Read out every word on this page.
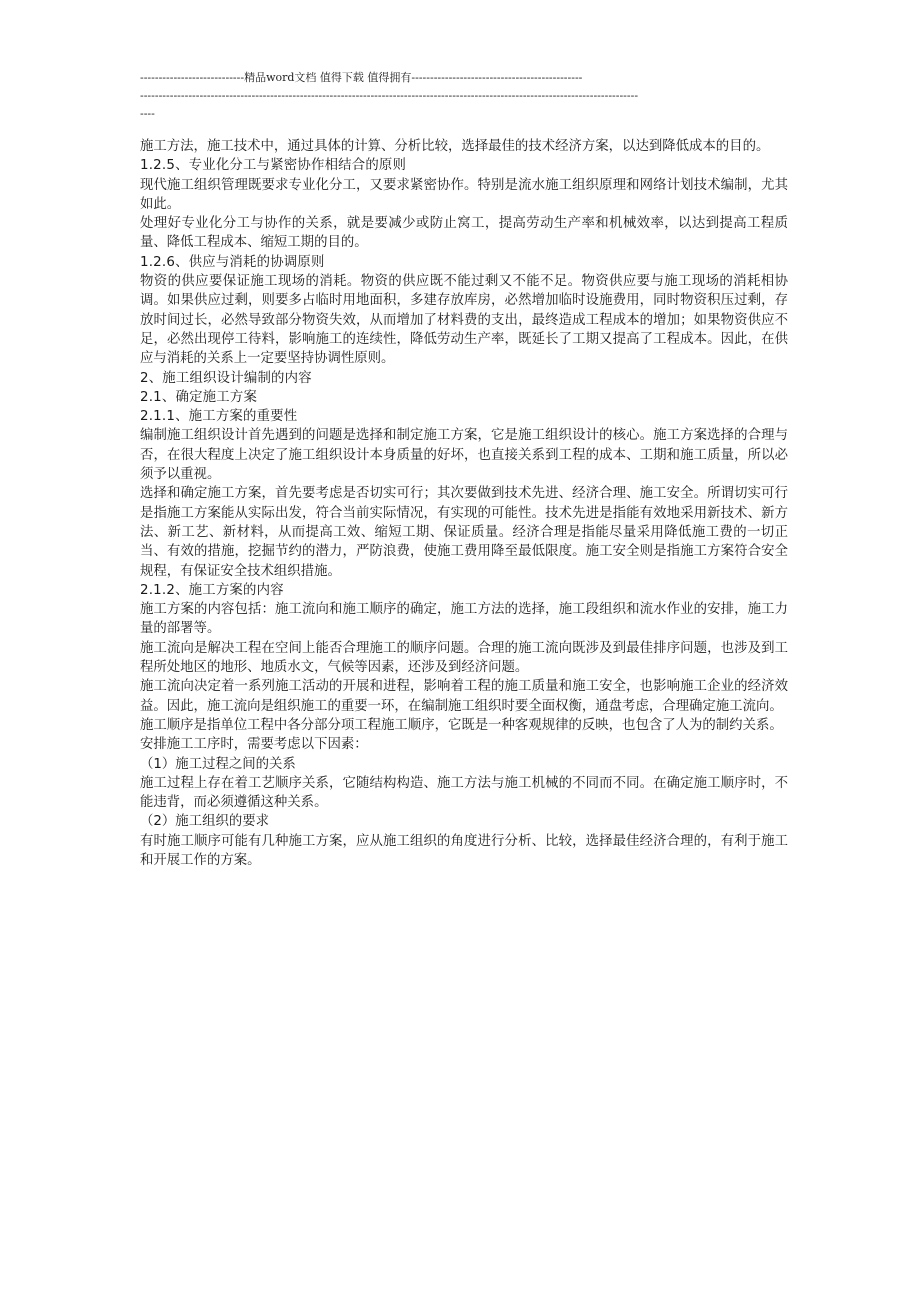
----------------------------精品word文档 值得下载 值得拥有----------------------------------------------
--------------------------------------------------------------------------------------------------------------------------------------
----

施工方法，施工技术中，通过具体的计算、分析比较，选择最佳的技术经济方案，以达到降低成本的目的。

1.2.5、专业化分工与紧密协作相结合的原则

现代施工组织管理既要求专业化分工，又要求紧密协作。特别是流水施工组织原理和网络计划技术编制，尤其如此。

处理好专业化分工与协作的关系，就是要减少或防止窝工，提高劳动生产率和机械效率，以达到提高工程质量、降低工程成本、缩短工期的目的。

1.2.6、供应与消耗的协调原则

物资的供应要保证施工现场的消耗。物资的供应既不能过剩又不能不足。物资供应要与施工现场的消耗相协调。如果供应过剩，则要多占临时用地面积，多建存放库房，必然增加临时设施费用，同时物资积压过剩，存放时间过长，必然导致部分物资失效，从而增加了材料费的支出，最终造成工程成本的增加；如果物资供应不足，必然出现停工待料，影响施工的连续性，降低劳动生产率，既延长了工期又提高了工程成本。因此，在供应与消耗的关系上一定要坚持协调性原则。

2、施工组织设计编制的内容

2.1、确定施工方案

2.1.1、施工方案的重要性

编制施工组织设计首先遇到的问题是选择和制定施工方案，它是施工组织设计的核心。施工方案选择的合理与否，在很大程度上决定了施工组织设计本身质量的好坏，也直接关系到工程的成本、工期和施工质量，所以必须予以重视。

选择和确定施工方案，首先要考虑是否切实可行；其次要做到技术先进、经济合理、施工安全。所谓切实可行是指施工方案能从实际出发，符合当前实际情况，有实现的可能性。技术先进是指能有效地采用新技术、新方法、新工艺、新材料，从而提高工效、缩短工期、保证质量。经济合理是指能尽量采用降低施工费的一切正当、有效的措施，挖掘节约的潜力，严防浪费，使施工费用降至最低限度。施工安全则是指施工方案符合安全规程，有保证安全技术组织措施。

2.1.2、施工方案的内容

施工方案的内容包括：施工流向和施工顺序的确定，施工方法的选择，施工段组织和流水作业的安排，施工力量的部署等。

施工流向是解决工程在空间上能否合理施工的顺序问题。合理的施工流向既涉及到最佳排序问题，也涉及到工程所处地区的地形、地质水文，气候等因素，还涉及到经济问题。

施工流向决定着一系列施工活动的开展和进程，影响着工程的施工质量和施工安全，也影响施工企业的经济效益。因此，施工流向是组织施工的重要一环，在编制施工组织时要全面权衡，通盘考虑，合理确定施工流向。

施工顺序是指单位工程中各分部分项工程施工顺序，它既是一种客观规律的反映，也包含了人为的制约关系。

安排施工工序时，需要考虑以下因素：

（1）施工过程之间的关系

施工过程上存在着工艺顺序关系，它随结构构造、施工方法与施工机械的不同而不同。在确定施工顺序时，不能违背，而必须遵循这种关系。

（2）施工组织的要求

有时施工顺序可能有几种施工方案，应从施工组织的角度进行分析、比较，选择最佳经济合理的，有利于施工和开展工作的方案。
